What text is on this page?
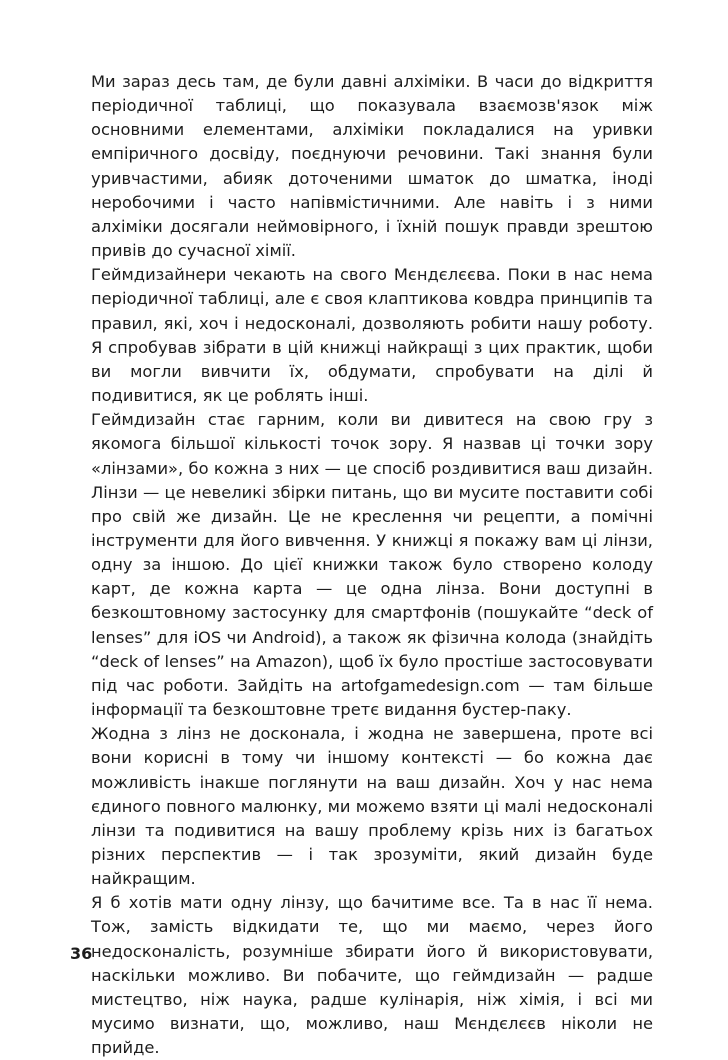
Ми зараз десь там, де були давні алхіміки. В часи до відкриття періодичної таблиці, що показувала взаємозв'язок між основними елементами, алхіміки покладалися на уривки емпіричного досвіду, поєднуючи речовини. Такі знання були уривчастими, абияк доточеними шматок до шматка, іноді неробочими і часто напівмістичними. Але навіть і з ними алхіміки досягали неймовірного, і їхній пошук правди зрештою привів до сучасної хімії.

Геймдизайнери чекають на свого Мєндєлєєва. Поки в нас нема періодичної таблиці, але є своя клаптикова ковдра принципів та правил, які, хоч і недосконалі, дозволяють робити нашу роботу. Я спробував зібрати в цій книжці найкращі з цих практик, щоби ви могли вивчити їх, обдумати, спробувати на ділі й подивитися, як це роблять інші.

Геймдизайн стає гарним, коли ви дивитеся на свою гру з якомога більшої кількості точок зору. Я назвав ці точки зору «лінзами», бо кожна з них — це спосіб роздивитися ваш дизайн. Лінзи — це невеликі збірки питань, що ви мусите поставити собі про свій же дизайн. Це не креслення чи рецепти, а помічні інструменти для його вивчення. У книжці я покажу вам ці лінзи, одну за іншою. До цієї книжки також було створено колоду карт, де кожна карта — це одна лінза. Вони доступні в безкоштовному застосунку для смартфонів (пошукайте “deck of lenses” для iOS чи Android), а також як фізична колода (знайдіть “deck of lenses” на Amazon), щоб їх було простіше застосовувати під час роботи. Зайдіть на artofgamedesign.com — там більше інформації та безкоштовне третє видання бустер-паку.

Жодна з лінз не досконала, і жодна не завершена, проте всі вони корисні в тому чи іншому контексті — бо кожна дає можливість інакше поглянути на ваш дизайн. Хоч у нас нема єдиного повного малюнку, ми можемо взяти ці малі недосконалі лінзи та подивитися на вашу проблему крізь них із багатьох різних перспектив — і так зрозуміти, який дизайн буде найкращим.

Я б хотів мати одну лінзу, що бачитиме все. Та в нас її нема. Тож, замість відкидати те, що ми маємо, через його недосконалість, розумніше збирати його й використовувати, наскільки можливо. Ви побачите, що геймдизайн — радше мистецтво, ніж наука, радше кулінарія, ніж хімія, і всі ми мусимо визнати, що, можливо, наш Мєндєлєєв ніколи не прийде.

36
